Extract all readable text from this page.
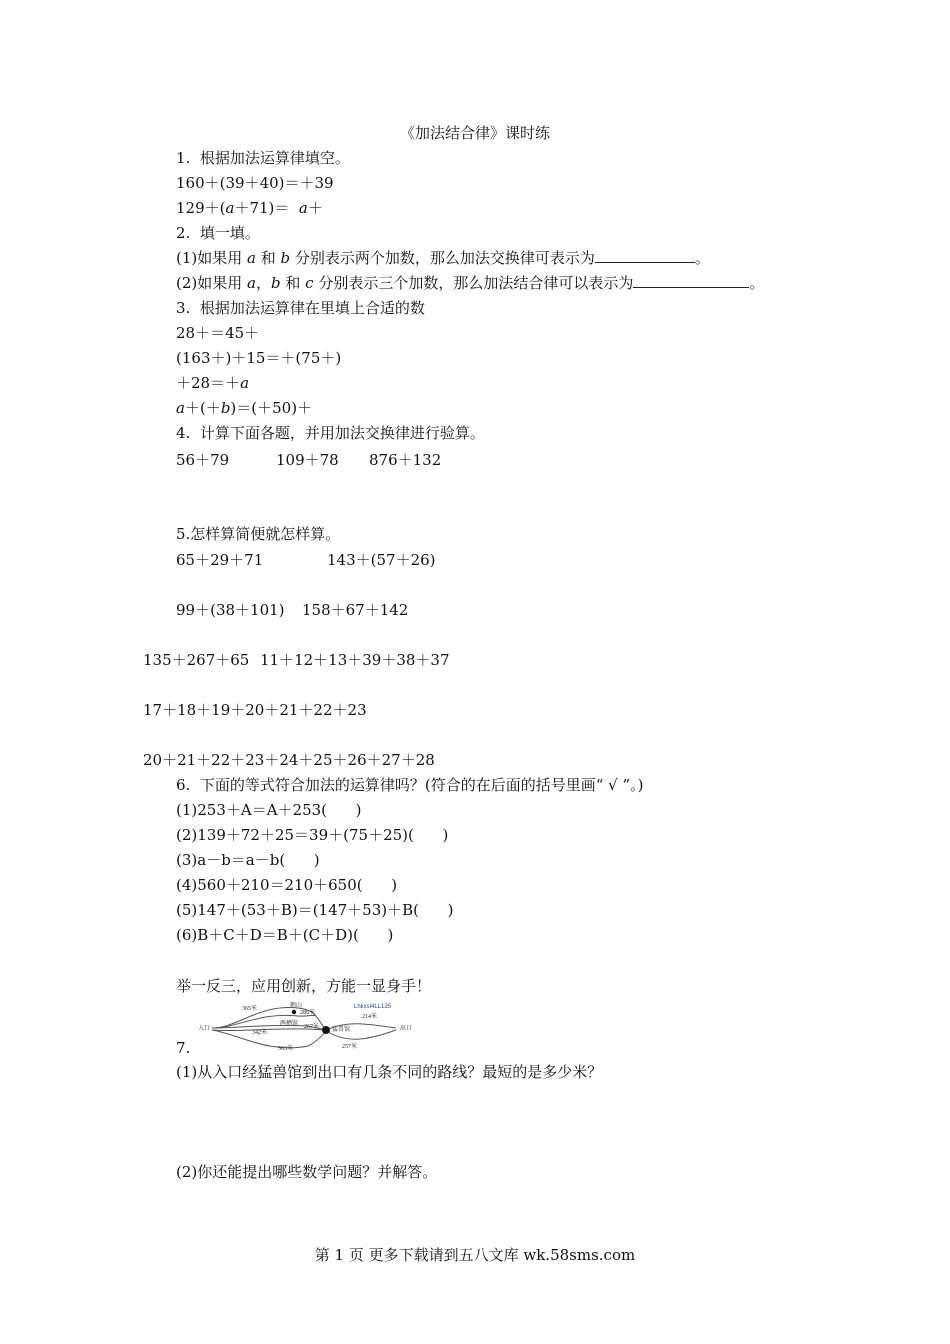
《加法结合律》课时练
1.  根据加法运算律填空。
160＋(39＋40)＝＋39
129＋(a＋71)＝  a＋
2.  填一填。
(1)如果用 a 和 b 分别表示两个加数，那么加法交换律可表示为	。
(2)如果用 a，b 和 c 分别表示三个加数，那么加法结合律可以表示为	。
3.  根据加法运算律在里填上合适的数
28＋＝45＋
(163＋)＋15＝＋(75＋)
＋28＝＋a
a＋(＋b)＝(＋50)＋
4.  计算下面各题，并用加法交换律进行验算。
56＋79	109＋78 876＋132
5.怎样算简便就怎样算。
65＋29＋71	143＋(57＋26)
99＋(38＋101) 158＋67＋142
135＋267＋65 11＋12＋13＋39＋38＋37
17＋18＋19＋20＋21＋22＋23
20＋21＋22＋23＋24＋25＋26＋27＋28
6.  下面的等式符合加法的运算律吗？(符合的在后面的括号里画“ √ ”。)
(1)253＋A＝A＋253(      )
(2)139＋72＋25＝39＋(75＋25)(      )
(3)a－b＝a－b(      )
(4)560＋210＝210＋650(      )
(5)147＋(53＋B)＝(147＋53)＋B(      )
(6)B＋C＋D＝B＋(C＋D)(      )
举一反三，应用创新，方能一显身手！
入口	出口
鹤山
两栖馆
猛兽馆
365米
286米
342米
267米
503米
214米
257米
Lhkxsl4LL125
7.
(1)从入口经猛兽馆到出口有几条不同的路线？最短的是多少米？
(2)你还能提出哪些数学问题？并解答。
第 1 页 更多下载请到五八文库 wk.58sms.com
